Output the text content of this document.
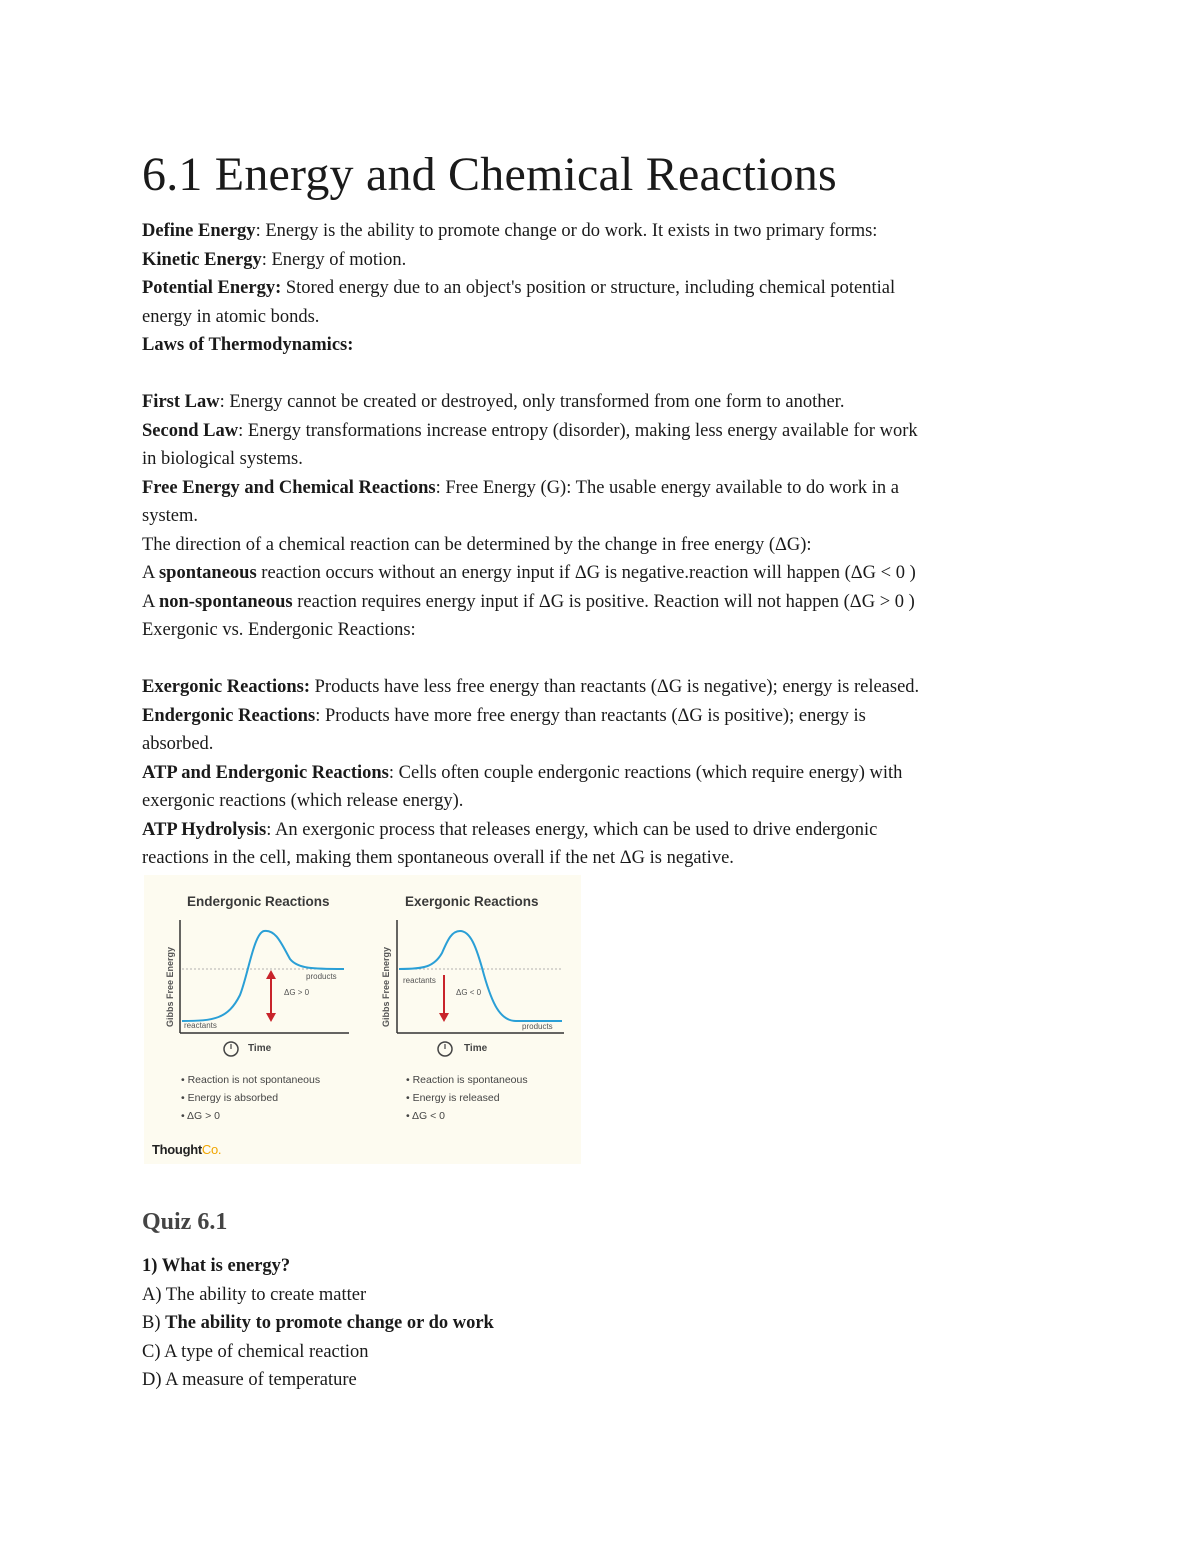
6.1 Energy and Chemical Reactions
Define Energy: Energy is the ability to promote change or do work. It exists in two primary forms:
Kinetic Energy: Energy of motion.
Potential Energy: Stored energy due to an object's position or structure, including chemical potential
energy in atomic bonds.
Laws of Thermodynamics:
First Law: Energy cannot be created or destroyed, only transformed from one form to another.
Second Law: Energy transformations increase entropy (disorder), making less energy available for work
in biological systems.
Free Energy and Chemical Reactions: Free Energy (G): The usable energy available to do work in a
system.
The direction of a chemical reaction can be determined by the change in free energy (ΔG):
A spontaneous reaction occurs without an energy input if ΔG is negative.reaction will happen (ΔG < 0 )
A non-spontaneous reaction requires energy input if ΔG is positive. Reaction will not happen (ΔG > 0 )
Exergonic vs. Endergonic Reactions:
Exergonic Reactions: Products have less free energy than reactants (ΔG is negative); energy is released.
Endergonic Reactions: Products have more free energy than reactants (ΔG is positive); energy is
absorbed.
ATP and Endergonic Reactions: Cells often couple endergonic reactions (which require energy) with
exergonic reactions (which release energy).
ATP Hydrolysis: An exergonic process that releases energy, which can be used to drive endergonic
reactions in the cell, making them spontaneous overall if the net ΔG is negative.
Endergonic Reactions	Exergonic Reactions
Gibbs Free Energy	Gibbs Free Energy
products
ΔG > 0
reactants
reactants
ΔG < 0
products
Time	Time
• Reaction is not spontaneous
• Energy is absorbed
• ΔG > 0
• Reaction is spontaneous
• Energy is released
• ΔG < 0
ThoughtCo.
Quiz 6.1
1) What is energy?
A) The ability to create matter
B) The ability to promote change or do work
C) A type of chemical reaction
D) A measure of temperature
